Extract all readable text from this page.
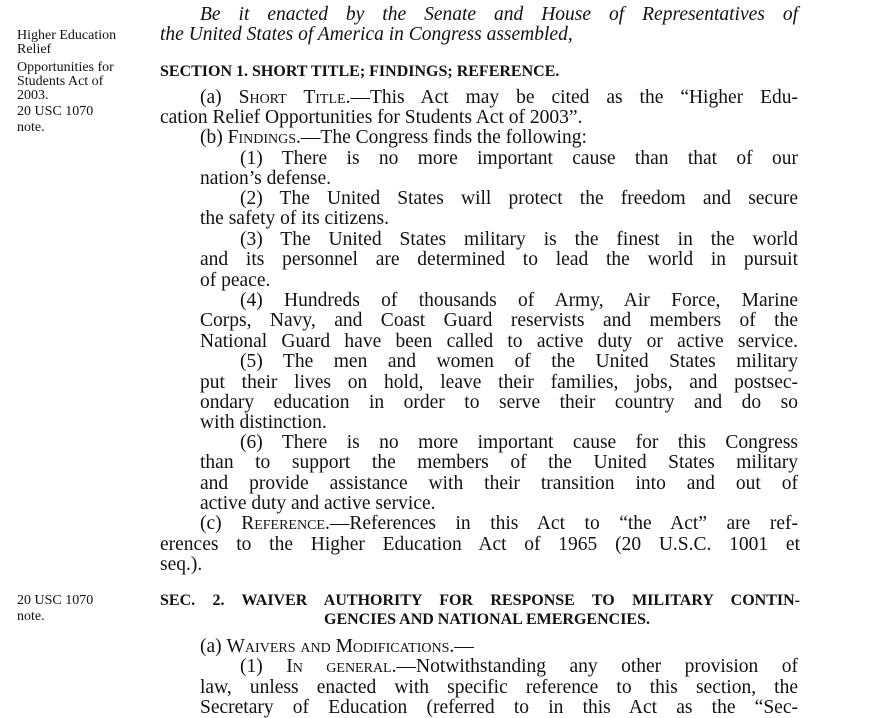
Higher Education
Relief
Opportunities for
Students Act of
2003.
20 USC 1070
note.
20 USC 1070
note.
Be it enacted by the Senate and House of Representatives of
the United States of America in Congress assembled,
SECTION 1. SHORT TITLE; FINDINGS; REFERENCE.
(a) Short Title.—This Act may be cited as the “Higher Edu-
cation Relief Opportunities for Students Act of 2003”.
(b) Findings.—The Congress finds the following:
(1) There is no more important cause than that of our
nation’s defense.
(2) The United States will protect the freedom and secure
the safety of its citizens.
(3) The United States military is the finest in the world
and its personnel are determined to lead the world in pursuit
of peace.
(4) Hundreds of thousands of Army, Air Force, Marine
Corps, Navy, and Coast Guard reservists and members of the
National Guard have been called to active duty or active service.
(5) The men and women of the United States military
put their lives on hold, leave their families, jobs, and postsec-
ondary education in order to serve their country and do so
with distinction.
(6) There is no more important cause for this Congress
than to support the members of the United States military
and provide assistance with their transition into and out of
active duty and active service.
(c) Reference.—References in this Act to “the Act” are ref-
erences to the Higher Education Act of 1965 (20 U.S.C. 1001 et
seq.).
SEC. 2. WAIVER AUTHORITY FOR RESPONSE TO MILITARY CONTIN-
GENCIES AND NATIONAL EMERGENCIES.
(a) Waivers and Modifications.—
(1) In general.—Notwithstanding any other provision of
law, unless enacted with specific reference to this section, the
Secretary of Education (referred to in this Act as the “Sec-
